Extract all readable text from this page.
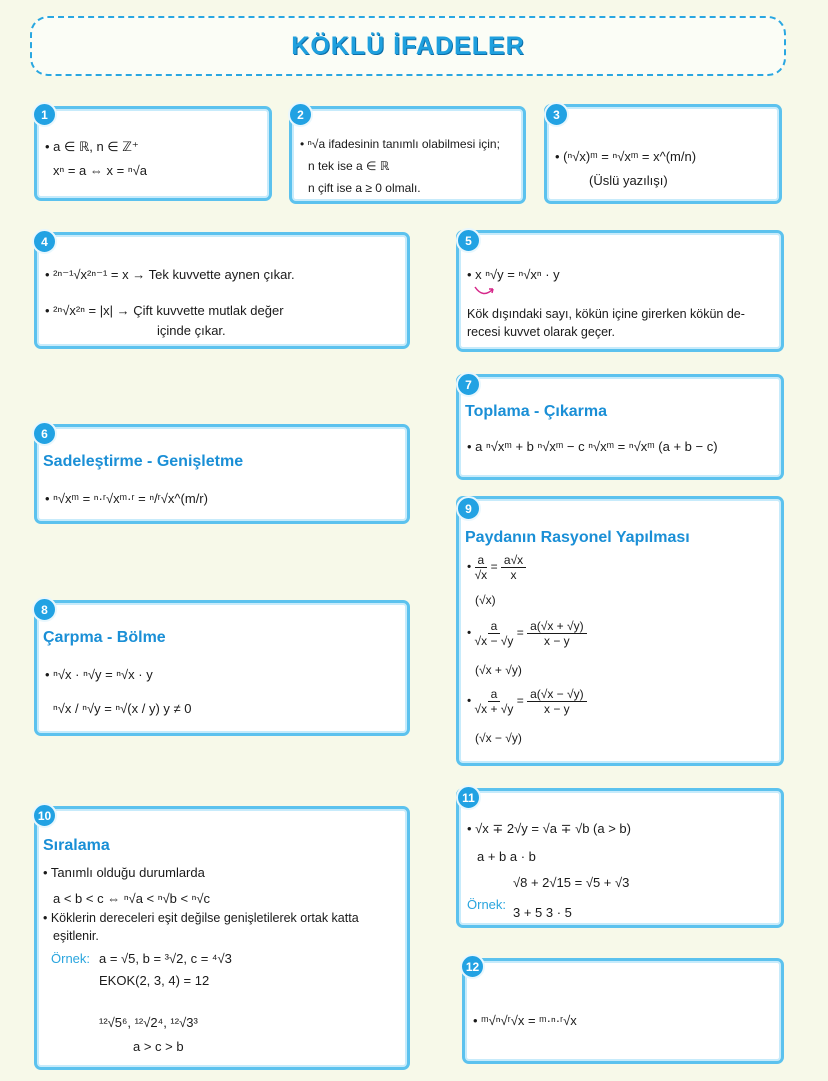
KÖKLÜ İFADELER
• a ∈ ℝ, n ∈ ℤ⁺
xⁿ = a ⇔ x = ⁿ√a
1
• ⁿ√a ifadesinin tanımlı olabilmesi için;
n tek ise a ∈ ℝ
n çift ise a ≥ 0 olmalı.
2
• (ⁿ√x)ᵐ = ⁿ√xᵐ = x^(m/n)
(Üslü yazılışı)
3
• ²ⁿ⁻¹√x²ⁿ⁻¹ = x → Tek kuvvette aynen çıkar.
• ²ⁿ√x²ⁿ = |x| → Çift kuvvette mutlak değer
içinde çıkar.
4
• x ⁿ√y = ⁿ√xⁿ · y
Kök dışındaki sayı, kökün içine girerken kökün de-
recesi kuvvet olarak geçer.
5
Toplama - Çıkarma
• a ⁿ√xᵐ + b ⁿ√xᵐ − c ⁿ√xᵐ = ⁿ√xᵐ (a + b − c)
7
Sadeleştirme - Genişletme
• ⁿ√xᵐ = ⁿ·ʳ√xᵐ·ʳ = ⁿ/ʳ√x^(m/r)
6
Paydanın Rasyonel Yapılması
• $\frac{a}{√x} = \frac{a√x}{x}$
(√x)
• $\frac{a}{√x - √y} = \frac{a(√x + √y)}{x - y}$
(√x + √y)
• $\frac{a}{√x + √y} = \frac{a(√x - √y)}{x - y}$
(√x − √y)
9
Çarpma - Bölme
• ⁿ√x · ⁿ√y = ⁿ√x · y
ⁿ√x / ⁿ√y = ⁿ√(x / y) y ≠ 0
8
• √x ∓ 2√y = √a ∓ √b (a > b)
a + b a · b
√8 + 2√15 = √5 + √3
Örnek:
3 + 5 3 · 5
11
Sıralama
• Tanımlı olduğu durumlarda
a < b < c ⇔ ⁿ√a < ⁿ√b < ⁿ√c
• Köklerin dereceleri eşit değilse genişletilerek ortak katta
eşitlenir.
Örnek: a = √5, b = ³√2, c = ⁴√3
EKOK(2, 3, 4) = 12
¹²√5⁶, ¹²√2⁴, ¹²√3³
a > c > b
10
• ᵐ√ⁿ√ʳ√x = ᵐ·ⁿ·ʳ√x
12
